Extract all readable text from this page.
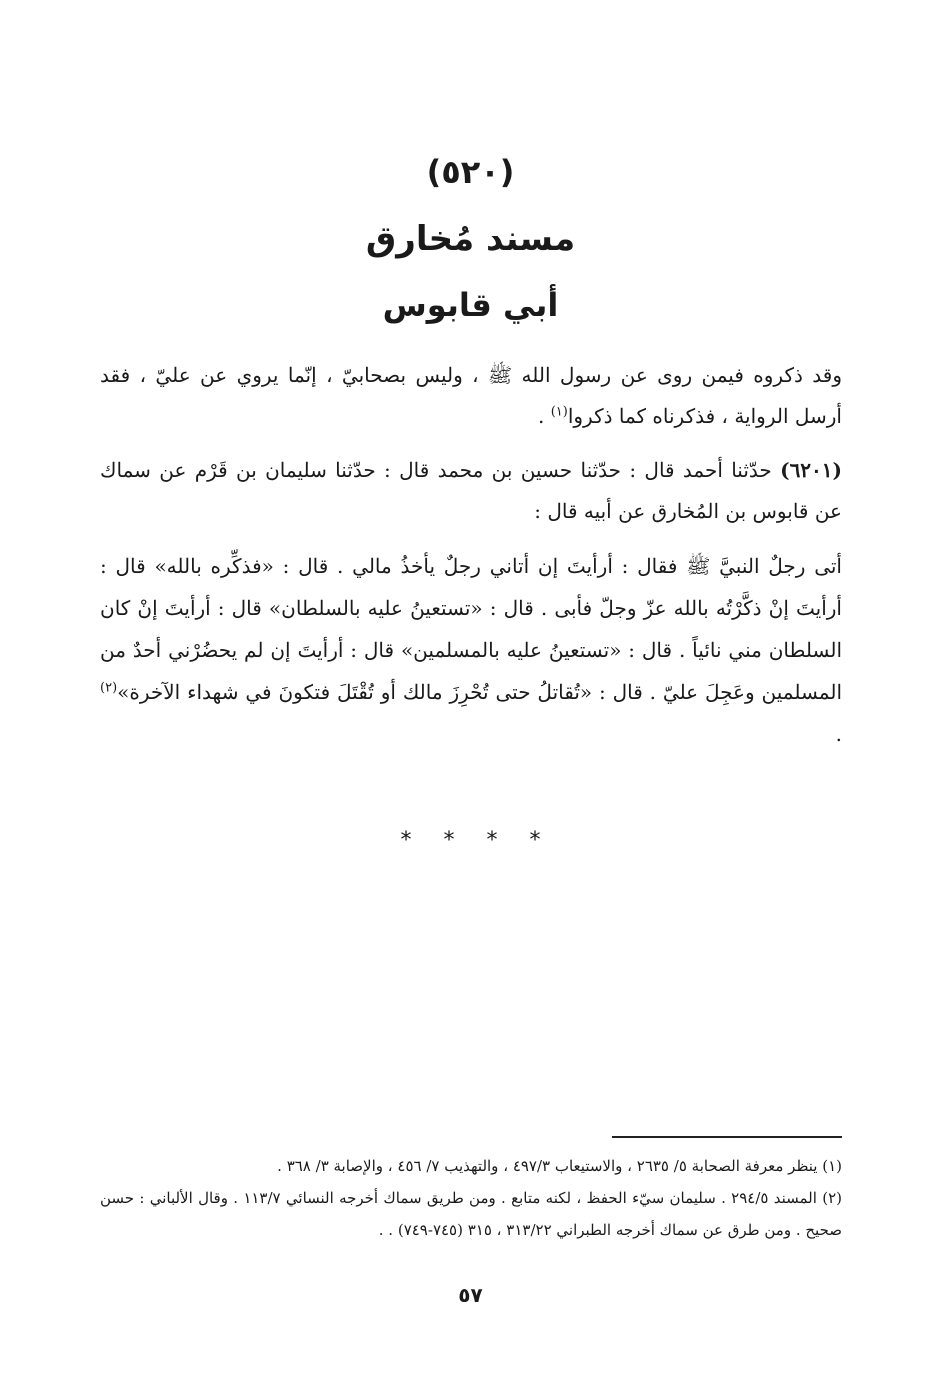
(٥٢٠)
مسند مُخارق
أبي قابوس

وقد ذكروه فيمن روى عن رسول الله ﷺ ، وليس بصحابيّ ، إنّما يروي عن عليّ ، فقد أرسل الرواية ، فذكرناه كما ذكروا$^{(١)}$ .

(٦٢٠١) حدّثنا أحمد قال : حدّثنا حسين بن محمد قال : حدّثنا سليمان بن قَرْم عن سماك عن قابوس بن المُخارق عن أبيه قال :

أتى رجلٌ النبيَّ ﷺ فقال : أرأيتَ إن أتاني رجلٌ يأخذُ مالي . قال : «فذكِّره بالله» قال : أرأيتَ إنْ ذكَّرْتُه بالله عزّ وجلّ فأبى . قال : «تستعينُ عليه بالسلطان» قال : أرأيتَ إنْ كان السلطان مني نائياً . قال : «تستعينُ عليه بالمسلمين» قال : أرأيتَ إن لم يحضُرْني أحدٌ من المسلمين وعَجِلَ عليّ . قال : «تُقاتلُ حتى تُحْرِزَ مالك أو تُقْتَلَ فتكونَ في شهداء الآخرة»$^{(٢)}$ .

****

(١) ينظر معرفة الصحابة ٥/ ٢٦٣٥ ، والاستيعاب ٤٩٧/٣ ، والتهذيب ٧/ ٤٥٦ ، والإصابة ٣/ ٣٦٨ .

(٢) المسند ٢٩٤/٥ . سليمان سيّء الحفظ ، لكنه متابع . ومن طريق سماك أخرجه النسائي ١١٣/٧ . وقال الألباني : حسن صحيح . ومن طرق عن سماك أخرجه الطبراني ٣١٣/٢٢ ، ٣١٥ (٧٤٥-٧٤٩) . .

٥٧
